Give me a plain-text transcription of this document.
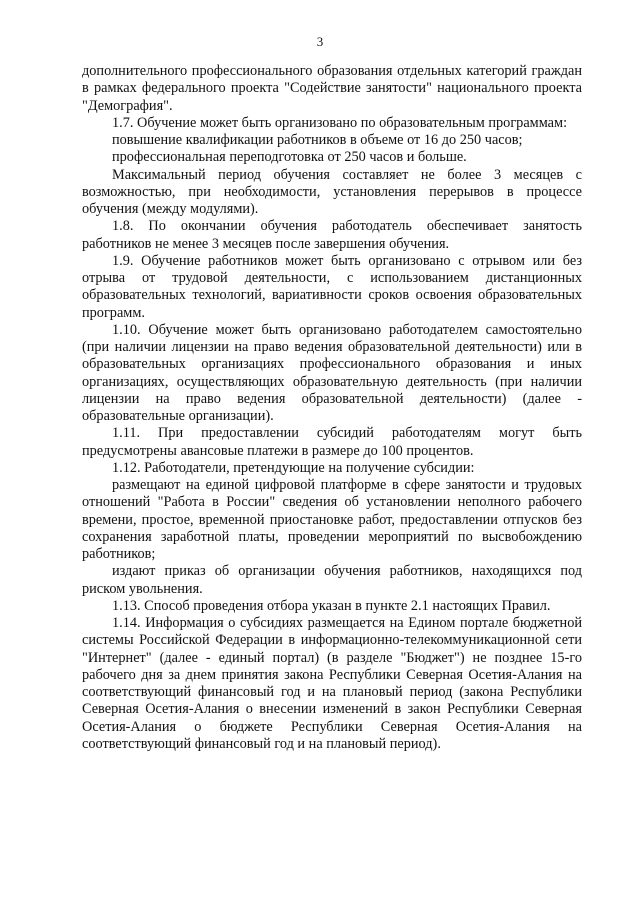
3

дополнительного профессионального образования отдельных категорий граждан в рамках федерального проекта "Содействие занятости" национального проекта "Демография".

1.7. Обучение может быть организовано по образовательным программам:

повышение квалификации работников в объеме от 16 до 250 часов;

профессиональная переподготовка от 250 часов и больше.

Максимальный период обучения составляет не более 3 месяцев с возможностью, при необходимости, установления перерывов в процессе обучения (между модулями).

1.8. По окончании обучения работодатель обеспечивает занятость работников не менее 3 месяцев после завершения обучения.

1.9. Обучение работников может быть организовано с отрывом или без отрыва от трудовой деятельности, с использованием дистанционных образовательных технологий, вариативности сроков освоения образовательных программ.

1.10. Обучение может быть организовано работодателем самостоятельно (при наличии лицензии на право ведения образовательной деятельности) или в образовательных организациях профессионального образования и иных организациях, осуществляющих образовательную деятельность (при наличии лицензии на право ведения образовательной деятельности) (далее - образовательные организации).

1.11. При предоставлении субсидий работодателям могут быть предусмотрены авансовые платежи в размере до 100 процентов.

1.12. Работодатели, претендующие на получение субсидии:

размещают на единой цифровой платформе в сфере занятости и трудовых отношений "Работа в России" сведения об установлении неполного рабочего времени, простое, временной приостановке работ, предоставлении отпусков без сохранения заработной платы, проведении мероприятий по высвобождению работников;

издают приказ об организации обучения работников, находящихся под риском увольнения.

1.13. Способ проведения отбора указан в пункте 2.1 настоящих Правил.

1.14. Информация о субсидиях размещается на Едином портале бюджетной системы Российской Федерации в информационно-телекоммуникационной сети "Интернет" (далее - единый портал) (в разделе "Бюджет") не позднее 15-го рабочего дня за днем принятия закона Республики Северная Осетия-Алания на соответствующий финансовый год и на плановый период (закона Республики Северная Осетия-Алания о внесении изменений в закон Республики Северная Осетия-Алания о бюджете Республики Северная Осетия-Алания на соответствующий финансовый год и на плановый период).
